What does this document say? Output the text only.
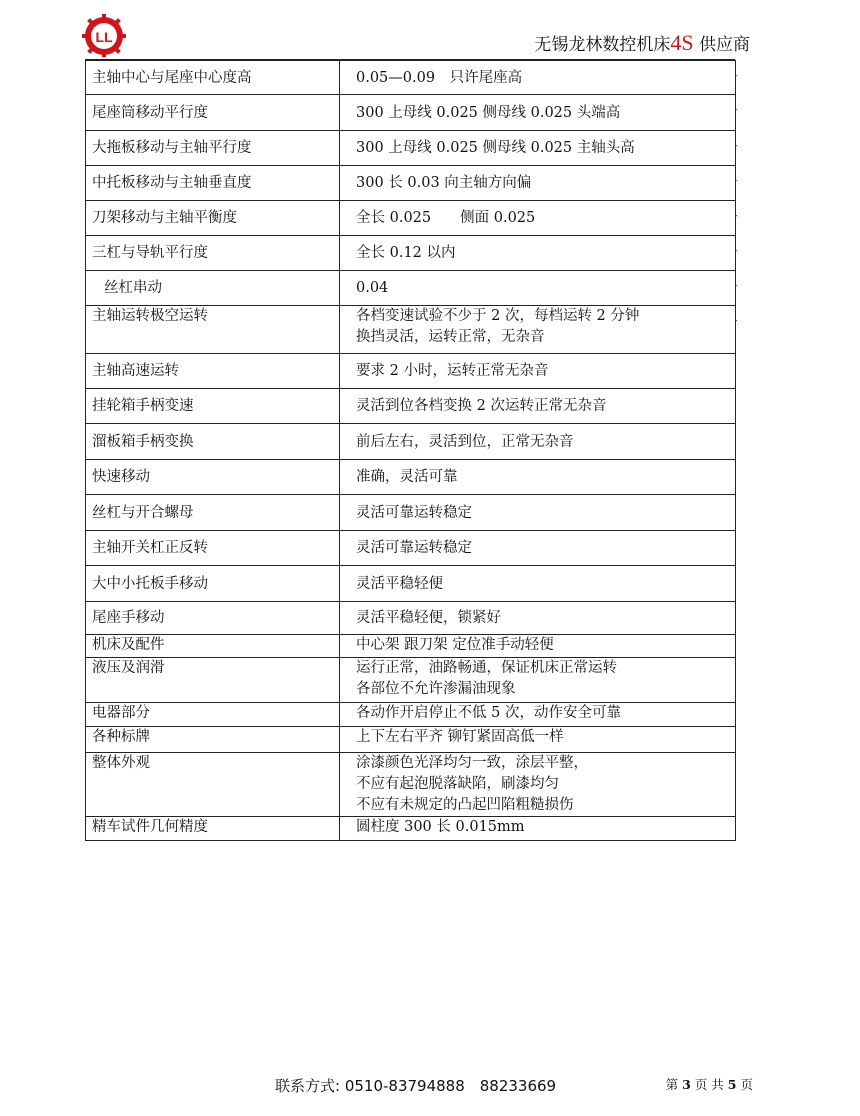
LL	无锡龙林数控机床4S 供应商
主轴中心与尾座中心度高	0.05—0.09　只许尾座高

尾座筒移动平行度	300 上母线 0.025 侧母线 0.025 头端高

大拖板移动与主轴平行度	300 上母线 0.025 侧母线 0.025 主轴头高

中托板移动与主轴垂直度	300 长 0.03 向主轴方向偏

刀架移动与主轴平衡度	全长 0.025　　侧面 0.025

三杠与导轨平行度	全长 0.12 以内

丝杠串动	0.04

主轴运转极空运转	各档变速试验不少于 2 次，每档运转 2 分钟
换挡灵活，运转正常，无杂音

主轴高速运转	要求 2 小时，运转正常无杂音

挂轮箱手柄变速	灵活到位各档变换 2 次运转正常无杂音

溜板箱手柄变换	前后左右，灵活到位，正常无杂音

快速移动	准确，灵活可靠

丝杠与开合螺母	灵活可靠运转稳定

主轴开关杠正反转	灵活可靠运转稳定

大中小托板手移动	灵活平稳轻便

尾座手移动	灵活平稳轻便，锁紧好

机床及配件	中心架 跟刀架 定位准手动轻便

液压及润滑	运行正常，油路畅通，保证机床正常运转
各部位不允许渗漏油现象

电器部分	各动作开启停止不低 5 次，动作安全可靠

各种标牌	上下左右平齐 铆钉紧固高低一样

整体外观	涂漆颜色光泽均匀一致，涂层平整，
不应有起泡脱落缺陷，刷漆均匀
不应有未规定的凸起凹陷粗糙损伤

精车试件几何精度	圆柱度 300 长 0.015mm
ˏ
ˏ
ˏ
ˏ
ˏ
ˏ
ˏ
ˏ
联系方式: 0510-83794888　88233669	第 3 页 共 5 页
